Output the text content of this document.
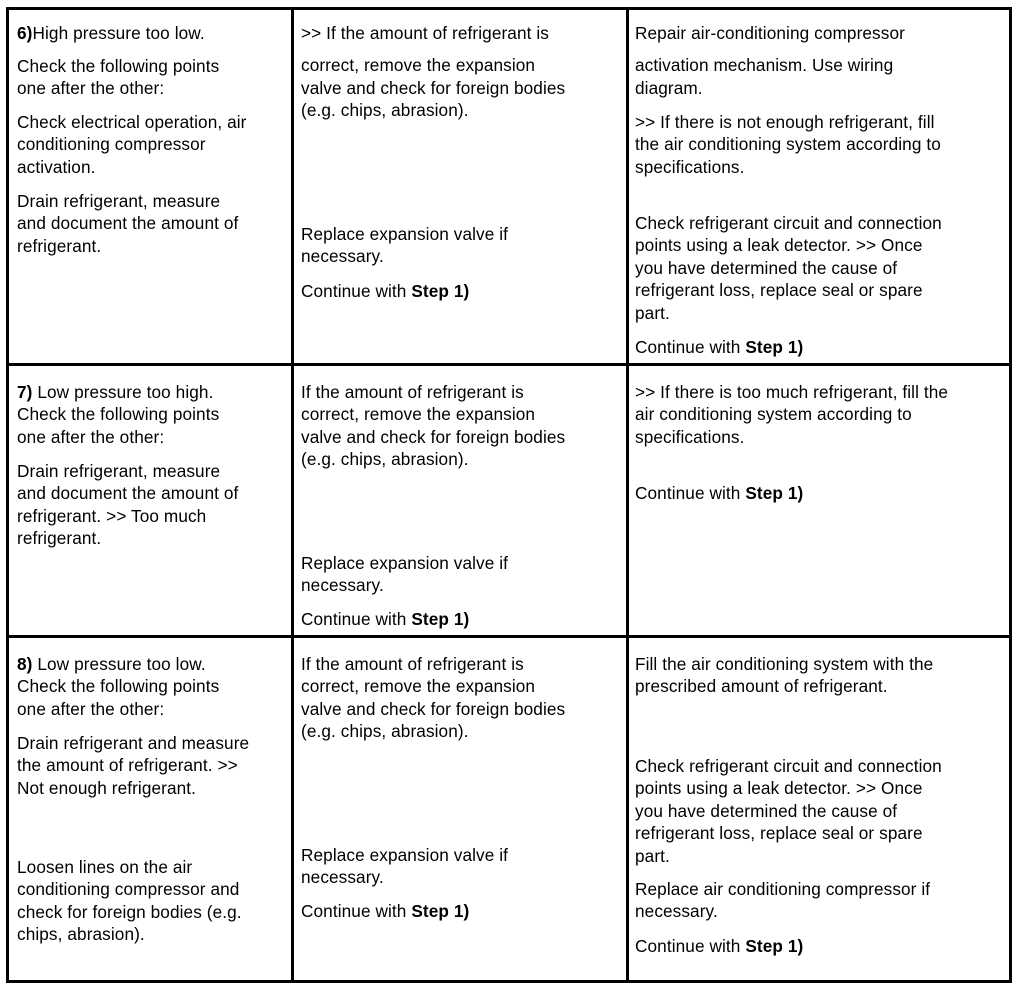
6)High pressure too low.

Check the following points
one after the other:
Check electrical operation, air
conditioning compressor
activation.
Drain refrigerant, measure
and document the amount of
refrigerant.
>> If the amount of refrigerant is
correct, remove the expansion
valve and check for foreign bodies
(e.g. chips, abrasion).
Replace expansion valve if
necessary.

Continue with Step 1)

Repair air-conditioning compressor
activation mechanism. Use wiring
diagram.
>> If there is not enough refrigerant, fill
the air conditioning system according to
specifications.
Check refrigerant circuit and connection
points using a leak detector. >> Once
you have determined the cause of
refrigerant loss, replace seal or spare
part.

Continue with Step 1)

7) Low pressure too high.
Check the following points
one after the other:
Drain refrigerant, measure
and document the amount of
refrigerant. >> Too much
refrigerant.
If the amount of refrigerant is
correct, remove the expansion
valve and check for foreign bodies
(e.g. chips, abrasion).
Replace expansion valve if
necessary.

Continue with Step 1)

>> If there is too much refrigerant, fill the
air conditioning system according to
specifications.

Continue with Step 1)

8) Low pressure too low.
Check the following points
one after the other:
Drain refrigerant and measure
the amount of refrigerant. >>
Not enough refrigerant.
Loosen lines on the air
conditioning compressor and
check for foreign bodies (e.g.
chips, abrasion).
If the amount of refrigerant is
correct, remove the expansion
valve and check for foreign bodies
(e.g. chips, abrasion).
Replace expansion valve if
necessary.

Continue with Step 1)

Fill the air conditioning system with the
prescribed amount of refrigerant.
Check refrigerant circuit and connection
points using a leak detector. >> Once
you have determined the cause of
refrigerant loss, replace seal or spare
part.
Replace air conditioning compressor if
necessary.

Continue with Step 1)
